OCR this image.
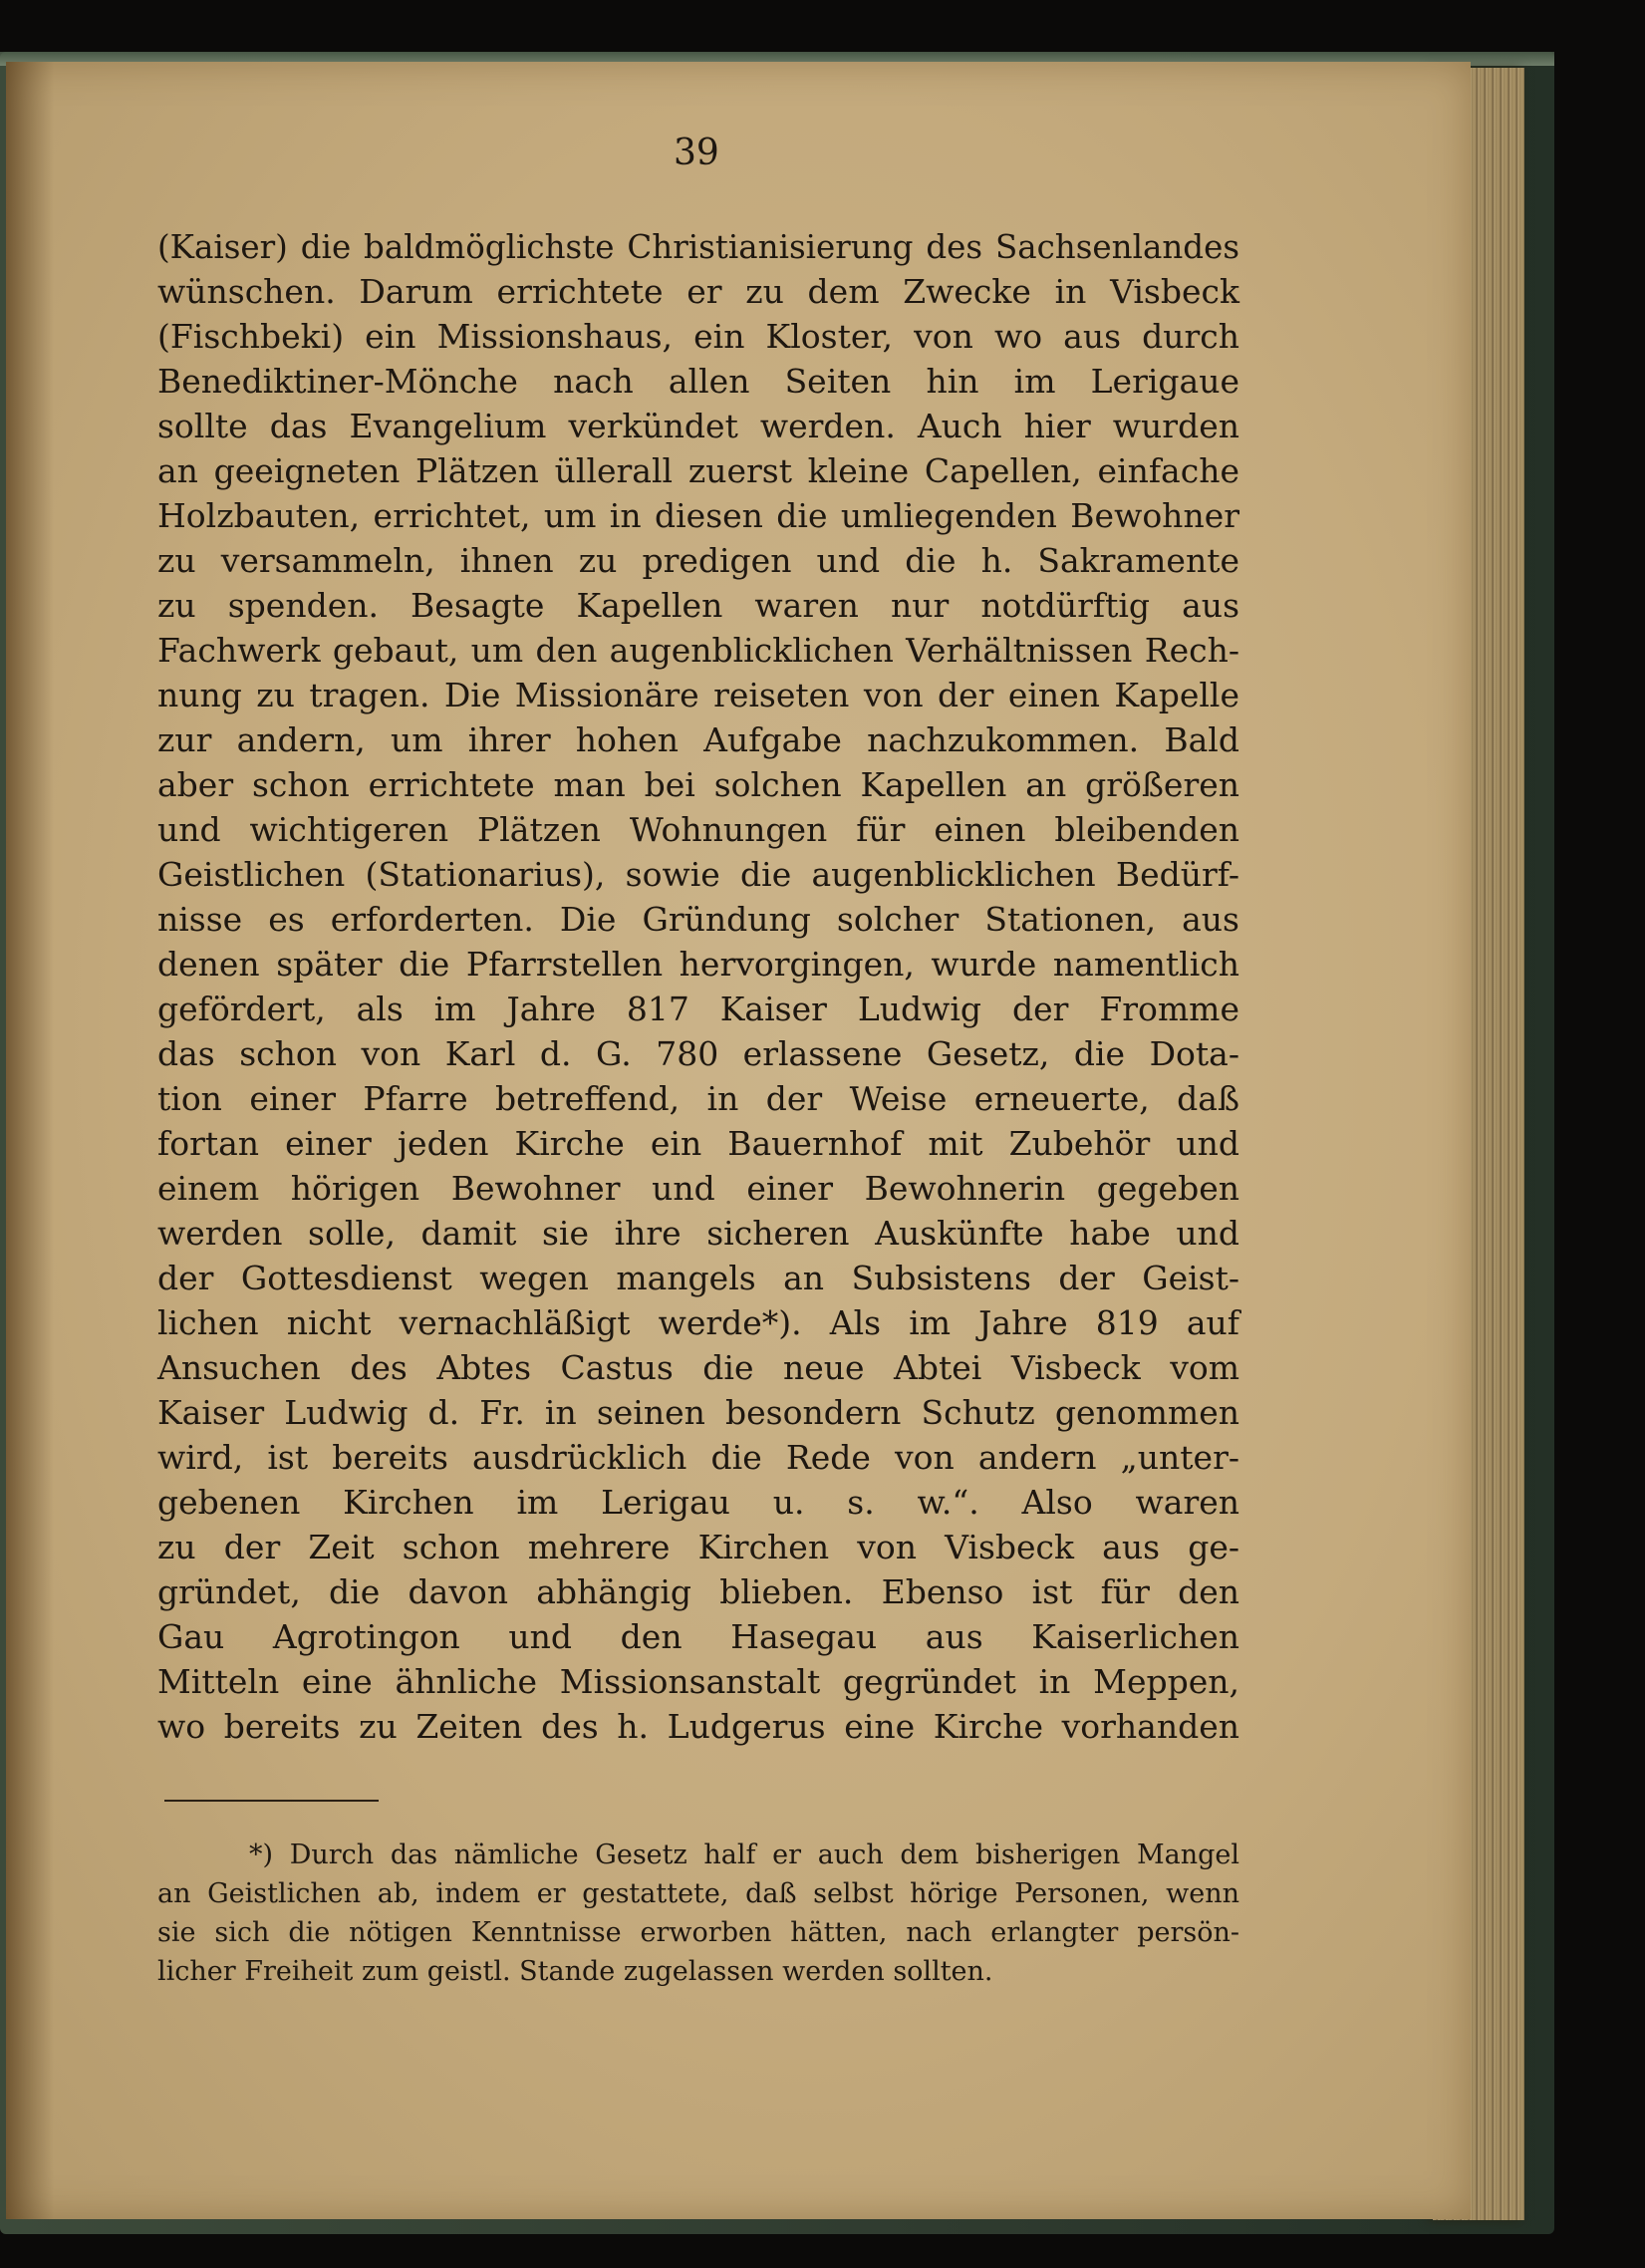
39
(Kaiser) die baldmöglichste Christianisierung des Sachsenlandes
wünschen. Darum errichtete er zu dem Zwecke in Visbeck
(Fischbeki) ein Missionshaus, ein Kloster, von wo aus durch
Benediktiner-Mönche nach allen Seiten hin im Lerigaue
sollte das Evangelium verkündet werden. Auch hier wurden
an geeigneten Plätzen üllerall zuerst kleine Capellen, einfache
Holzbauten, errichtet, um in diesen die umliegenden Bewohner
zu versammeln, ihnen zu predigen und die h. Sakramente
zu spenden. Besagte Kapellen waren nur notdürftig aus
Fachwerk gebaut, um den augenblicklichen Verhältnissen Rech-
nung zu tragen. Die Missionäre reiseten von der einen Kapelle
zur andern, um ihrer hohen Aufgabe nachzukommen. Bald
aber schon errichtete man bei solchen Kapellen an größeren
und wichtigeren Plätzen Wohnungen für einen bleibenden
Geistlichen (Stationarius), sowie die augenblicklichen Bedürf-
nisse es erforderten. Die Gründung solcher Stationen, aus
denen später die Pfarrstellen hervorgingen, wurde namentlich
gefördert, als im Jahre 817 Kaiser Ludwig der Fromme
das schon von Karl d. G. 780 erlassene Gesetz, die Dota-
tion einer Pfarre betreffend, in der Weise erneuerte, daß
fortan einer jeden Kirche ein Bauernhof mit Zubehör und
einem hörigen Bewohner und einer Bewohnerin gegeben
werden solle, damit sie ihre sicheren Auskünfte habe und
der Gottesdienst wegen mangels an Subsistens der Geist-
lichen nicht vernachläßigt werde*). Als im Jahre 819 auf
Ansuchen des Abtes Castus die neue Abtei Visbeck vom
Kaiser Ludwig d. Fr. in seinen besondern Schutz genommen
wird, ist bereits ausdrücklich die Rede von andern „unter-
gebenen Kirchen im Lerigau u. s. w.“. Also waren
zu der Zeit schon mehrere Kirchen von Visbeck aus ge-
gründet, die davon abhängig blieben. Ebenso ist für den
Gau Agrotingon und den Hasegau aus Kaiserlichen
Mitteln eine ähnliche Missionsanstalt gegründet in Meppen,
wo bereits zu Zeiten des h. Ludgerus eine Kirche vorhanden
*) Durch das nämliche Gesetz half er auch dem bisherigen Mangel
an Geistlichen ab, indem er gestattete, daß selbst hörige Personen, wenn
sie sich die nötigen Kenntnisse erworben hätten, nach erlangter persön-
licher Freiheit zum geistl. Stande zugelassen werden sollten.
